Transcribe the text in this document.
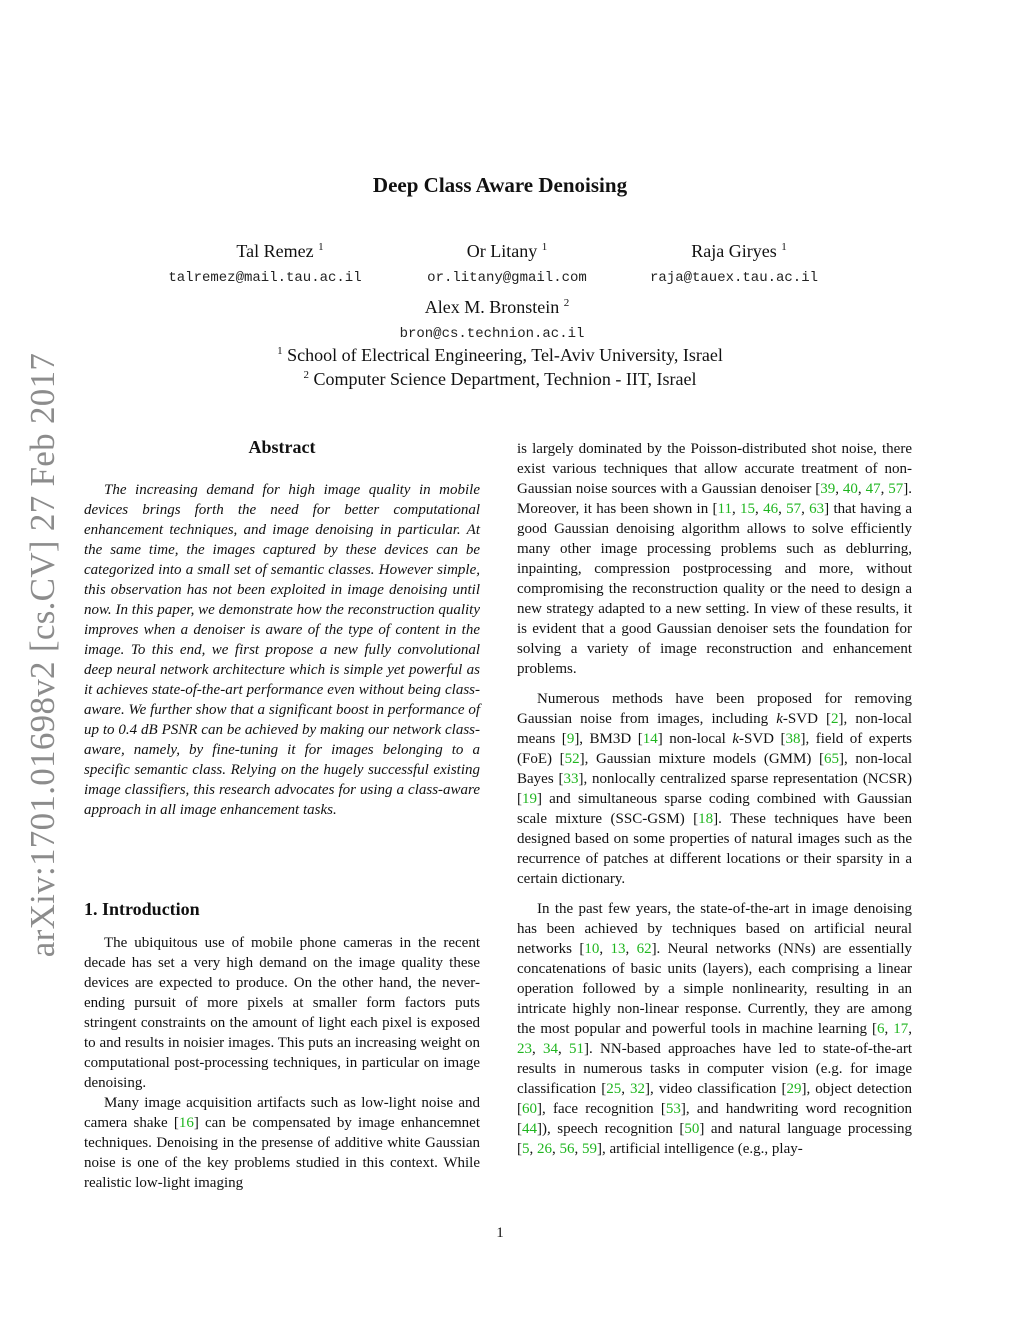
arXiv:1701.01698v2 [cs.CV] 27 Feb 2017
Deep Class Aware Denoising
Tal Remez $^1$
talremez@mail.tau.ac.il
Or Litany $^1$
or.litany@gmail.com
Raja Giryes $^1$
raja@tauex.tau.ac.il
Alex M. Bronstein $^2$
bron@cs.technion.ac.il
$^1$ School of Electrical Engineering, Tel-Aviv University, Israel
$^2$ Computer Science Department, Technion - IIT, Israel
Abstract
The increasing demand for high image quality in mobile devices brings forth the need for better computational enhancement techniques, and image denoising in particular. At the same time, the images captured by these devices can be categorized into a small set of semantic classes. However simple, this observation has not been exploited in image denoising until now. In this paper, we demonstrate how the reconstruction quality improves when a denoiser is aware of the type of content in the image. To this end, we first propose a new fully convolutional deep neural network architecture which is simple yet powerful as it achieves state-of-the-art performance even without being class-aware. We further show that a significant boost in performance of up to 0.4 dB PSNR can be achieved by making our network class-aware, namely, by fine-tuning it for images belonging to a specific semantic class. Relying on the hugely successful existing image classifiers, this research advocates for using a class-aware approach in all image enhancement tasks.
1. Introduction

The ubiquitous use of mobile phone cameras in the recent decade has set a very high demand on the image quality these devices are expected to produce. On the other hand, the never-ending pursuit of more pixels at smaller form factors puts stringent constraints on the amount of light each pixel is exposed to and results in noisier images. This puts an increasing weight on computational post-processing techniques, in particular on image denoising.

Many image acquisition artifacts such as low-light noise and camera shake [16] can be compensated by image enhancemnet techniques. Denoising in the presense of additive white Gaussian noise is one of the key problems studied in this context. While realistic low-light imaging

is largely dominated by the Poisson-distributed shot noise, there exist various techniques that allow accurate treatment of non-Gaussian noise sources with a Gaussian denoiser [39, 40, 47, 57]. Moreover, it has been shown in [11, 15, 46, 57, 63] that having a good Gaussian denoising algorithm allows to solve efficiently many other image processing problems such as deblurring, inpainting, compression postprocessing and more, without compromising the reconstruction quality or the need to design a new strategy adapted to a new setting. In view of these results, it is evident that a good Gaussian denoiser sets the foundation for solving a variety of image reconstruction and enhancement problems.

Numerous methods have been proposed for removing Gaussian noise from images, including k-SVD [2], non-local means [9], BM3D [14] non-local k-SVD [38], field of experts (FoE) [52], Gaussian mixture models (GMM) [65], non-local Bayes [33], nonlocally centralized sparse representation (NCSR) [19] and simultaneous sparse coding combined with Gaussian scale mixture (SSC-GSM) [18]. These techniques have been designed based on some properties of natural images such as the recurrence of patches at different locations or their sparsity in a certain dictionary.

In the past few years, the state-of-the-art in image denoising has been achieved by techniques based on artificial neural networks [10, 13, 62]. Neural networks (NNs) are essentially concatenations of basic units (layers), each comprising a linear operation followed by a simple nonlinearity, resulting in an intricate highly non-linear response. Currently, they are among the most popular and powerful tools in machine learning [6, 17, 23, 34, 51]. NN-based approaches have led to state-of-the-art results in numerous tasks in computer vision (e.g. for image classification [25, 32], video classification [29], object detection [60], face recognition [53], and handwriting word recognition [44]), speech recognition [50] and natural language processing [5, 26, 56, 59], artificial intelligence (e.g., play-

1
